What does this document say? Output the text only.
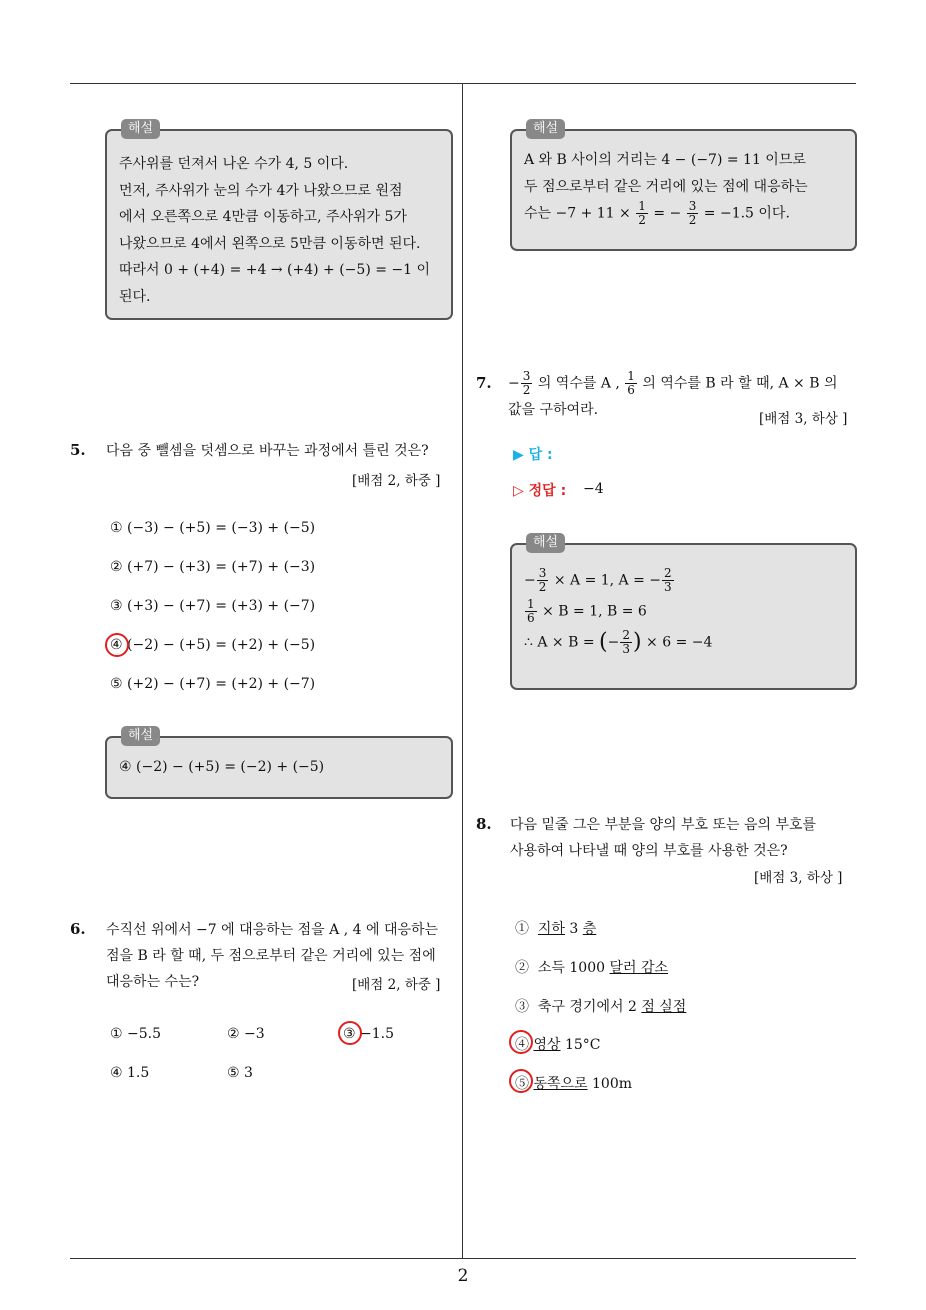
해설
주사위를 던져서 나온 수가 4, 5 이다.
먼저, 주사위가 눈의 수가 4가 나왔으므로 원점
에서 오른쪽으로 4만큼 이동하고, 주사위가 5가
나왔으므로 4에서 왼쪽으로 5만큼 이동하면 된다.
따라서 0 + (+4) = +4 → (+4) + (−5) = −1 이
된다.
5. 다음 중 뺄셈을 덧셈으로 바꾸는 과정에서 틀린 것은?
[배점 2, 하중 ]
① (−3) − (+5) = (−3) + (−5)
② (+7) − (+3) = (+7) + (−3)
③ (+3) − (+7) = (+3) + (−7)
④ (−2) − (+5) = (+2) + (−5)
⑤ (+2) − (+7) = (+2) + (−7)
해설
④ (−2) − (+5) = (−2) + (−5)
6. 수직선 위에서 −7 에 대응하는 점을 A , 4 에 대응하는
점을 B 라 할 때, 두 점으로부터 같은 거리에 있는 점에
대응하는 수는?	[배점 2, 하중 ]
① −5.5	② −3	③ −1.5
④ 1.5	⑤ 3
해설
A 와 B 사이의 거리는 4 − (−7) = 11 이므로
두 점으로부터 같은 거리에 있는 점에 대응하는
수는 $-7 + 11 \times \frac{1}{2}$ = − $\frac{3}{2} = -1.5$ 이다.
7. − $\frac{3}{2}$ 의 역수를 A , $\frac{1}{6}$ 의 역수를 B 라 할 때, A × B 의
값을 구하여라.
[배점 3, 하상 ]
▶ 답 :
▷ 정답 : −4
해설
− $\frac{3}{2} \times A = 1$, A = − $\frac{2}{3}$
$\frac{1}{6} \times B = 1$, B = 6
∴ A × B = (− $\frac{2}{3}$ ) × 6 = −4
8. 다음 밑줄 그은 부분을 양의 부호 또는 음의 부호를
사용하여 나타낼 때 양의 부호를 사용한 것은?
[배점 3, 하상 ]
① 지하 3 층
② 소득 1000 달러 감소
③ 축구 경기에서 2 점 실점
④ 영상 15°C
⑤ 동쪽으로 100m
2
